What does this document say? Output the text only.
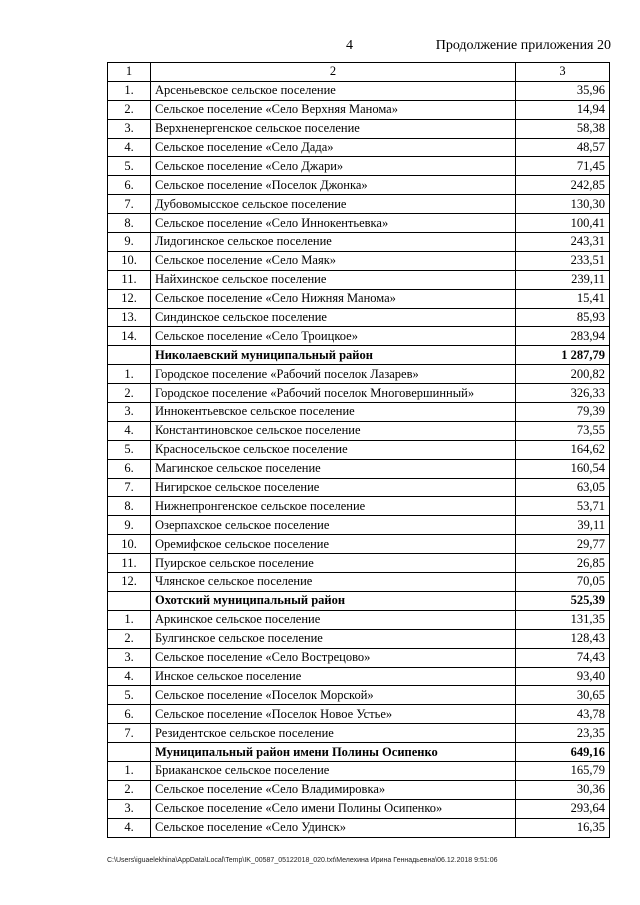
4	Продолжение приложения 20
1	2	3
1.	Арсеньевское сельское поселение	35,96
2.	Сельское поселение «Село Верхняя Манома»	14,94
3.	Верхненергенское сельское поселение	58,38
4.	Сельское поселение «Село Дада»	48,57
5.	Сельское поселение «Село Джари»	71,45
6.	Сельское поселение «Поселок Джонка»	242,85
7.	Дубовомысское сельское поселение	130,30
8.	Сельское поселение «Село Иннокентьевка»	100,41
9.	Лидогинское сельское поселение	243,31
10.	Сельское поселение «Село Маяк»	233,51
11.	Найхинское сельское поселение	239,11
12.	Сельское поселение «Село Нижняя Манома»	15,41
13.	Синдинское сельское поселение	85,93
14.	Сельское поселение «Село Троицкое»	283,94
	Николаевский муниципальный район	1 287,79
1.	Городское поселение «Рабочий поселок Лазарев»	200,82
2.	Городское поселение «Рабочий поселок Многовершинный»	326,33
3.	Иннокентьевское сельское поселение	79,39
4.	Константиновское сельское поселение	73,55
5.	Красносельское сельское поселение	164,62
6.	Магинское сельское поселение	160,54
7.	Нигирское сельское поселение	63,05
8.	Нижнепронгенское сельское поселение	53,71
9.	Озерпахское сельское поселение	39,11
10.	Оремифское сельское поселение	29,77
11.	Пуирское сельское поселение	26,85
12.	Члянское сельское поселение	70,05
	Охотский муниципальный район	525,39
1.	Аркинское сельское поселение	131,35
2.	Булгинское сельское поселение	128,43
3.	Сельское поселение «Село Вострецово»	74,43
4.	Инское сельское поселение	93,40
5.	Сельское поселение «Поселок Морской»	30,65
6.	Сельское поселение «Поселок Новое Устье»	43,78
7.	Резидентское сельское поселение	23,35
	Муниципальный район имени Полины Осипенко	649,16
1.	Бриаканское сельское поселение	165,79
2.	Сельское поселение «Село Владимировка»	30,36
3.	Сельское поселение «Село имени Полины Осипенко»	293,64
4.	Сельское поселение «Село Удинск»	16,35
C:\Users\iguaelekhina\AppData\Local\Temp\IK_00587_05122018_020.txt\Мелехина Ирина Геннадьевна\06.12.2018 9:51:06
